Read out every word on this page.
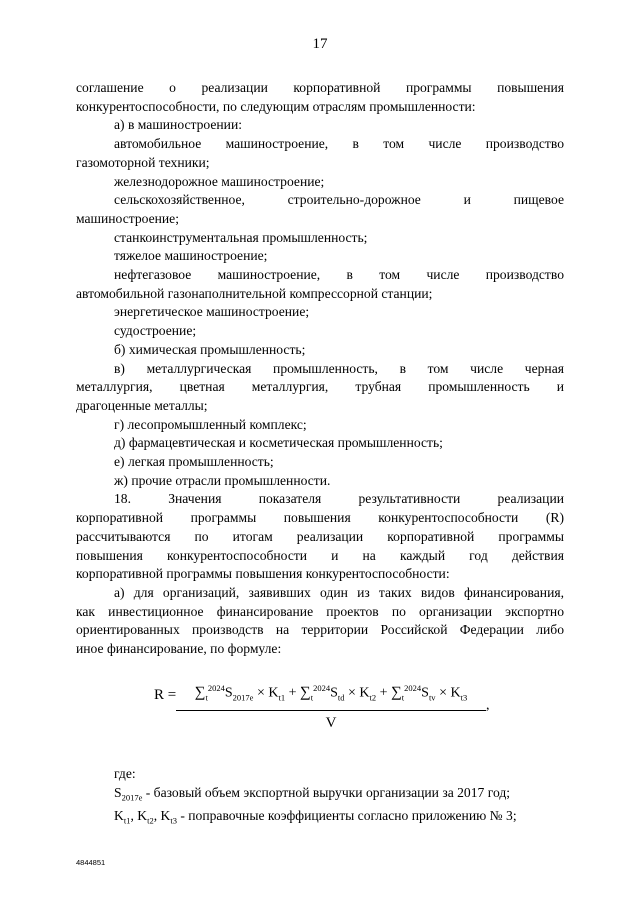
17

соглашение о реализации корпоративной программы повышения

конкурентоспособности, по следующим отраслям промышленности:

а) в машиностроении:

автомобильное машиностроение, в том числе производство

газомоторной техники;

железнодорожное машиностроение;

сельскохозяйственное, строительно-дорожное и пищевое

машиностроение;

станкоинструментальная промышленность;

тяжелое машиностроение;

нефтегазовое машиностроение, в том числе производство

автомобильной газонаполнительной компрессорной станции;

энергетическое машиностроение;

судостроение;

б) химическая промышленность;

в) металлургическая промышленность, в том числе черная

металлургия, цветная металлургия, трубная промышленность и

драгоценные металлы;

г) лесопромышленный комплекс;

д) фармацевтическая и косметическая промышленность;

е) легкая промышленность;

ж) прочие отрасли промышленности.

18. Значения показателя результативности реализации

корпоративной программы повышения конкурентоспособности (R)

рассчитываются по итогам реализации корпоративной программы

повышения конкурентоспособности и на каждый год действия

корпоративной программы повышения конкурентоспособности:

а) для организаций, заявивших один из таких видов финансирования,

как инвестиционное финансирование проектов по организации экспортно

ориентированных производств на территории Российской Федерации либо

иное финансирование, по формуле:

R =	$\sum_t^{2024}S_{2017e} \times K_{t1} + \sum_t^{2024}S_{td} \times K_{t2} + \sum_t^{2024}S_{tv} \times K_{t3}$
V
,

где:

$S_{2017e}$ - базовый объем экспортной выручки организации за 2017 год;

$K_{t1}$, $K_{t2}$, $K_{t3}$ - поправочные коэффициенты согласно приложению № 3;

4844851
